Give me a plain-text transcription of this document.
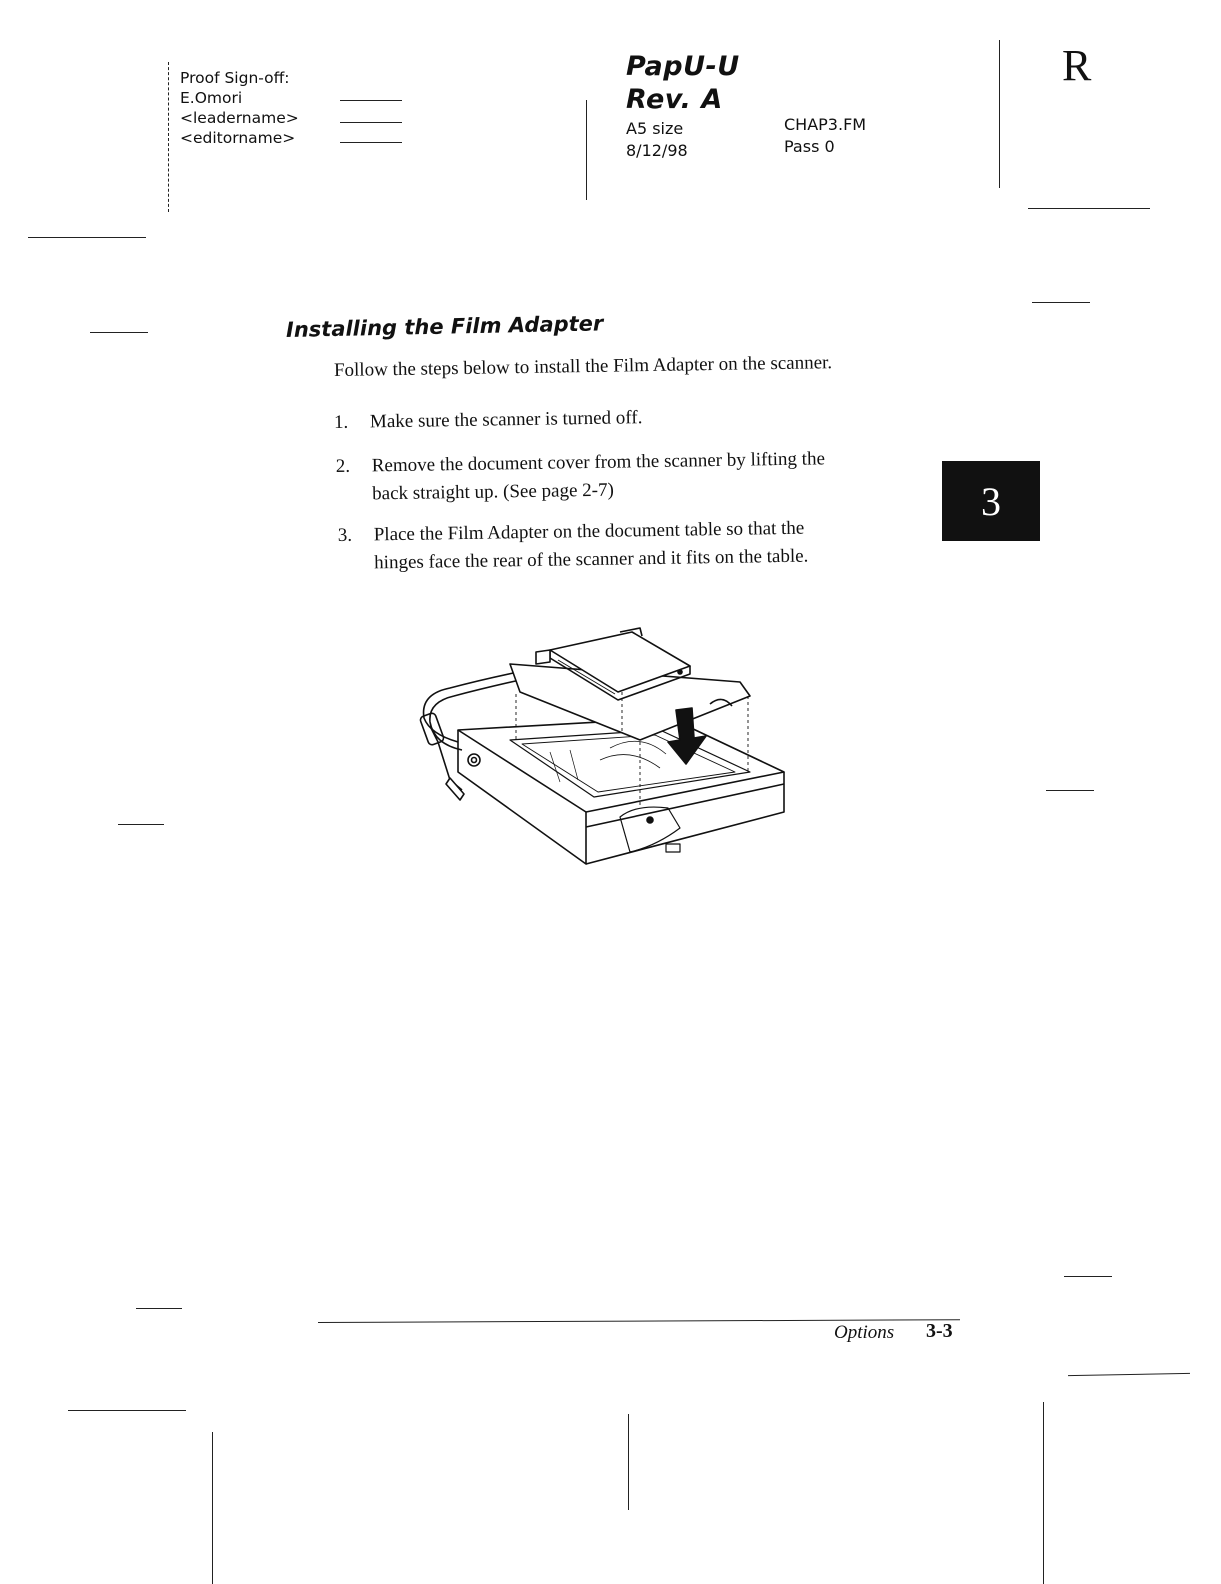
Proof Sign-off:
E.Omori
<leadername>
<editorname>
PapU-U
Rev. A
A5 size
8/12/98
CHAP3.FM
Pass 0
R
Installing the Film Adapter
Follow the steps below to install the Film Adapter on the scanner.
1. Make sure the scanner is turned off.
2. Remove the document cover from the scanner by lifting the
back straight up. (See page 2-7)
3. Place the Film Adapter on the document table so that the
hinges face the rear of the scanner and it fits on the table.
3
Options 3-3
